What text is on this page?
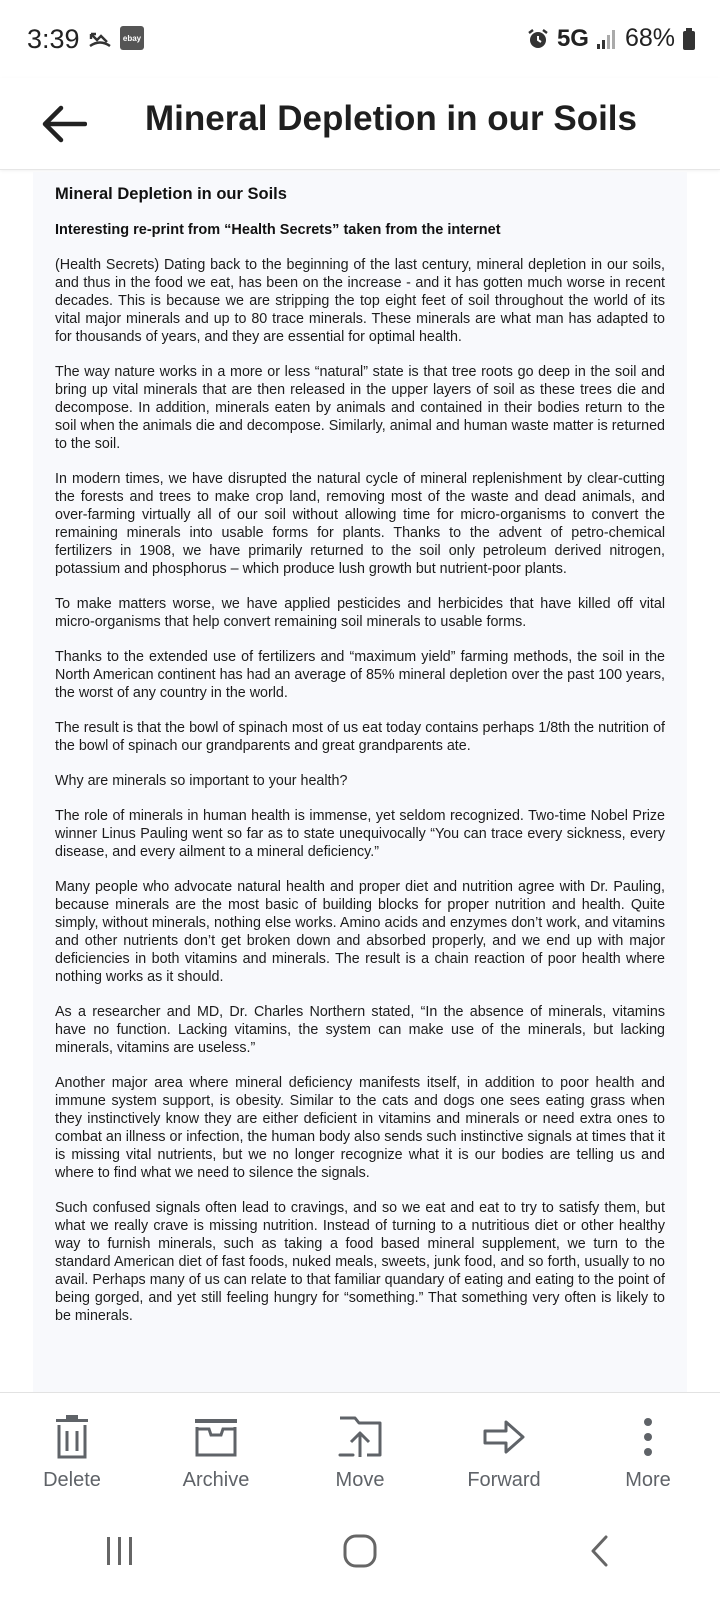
3:39	ebay	5G 68%
Mineral Depletion in our Soils
Mineral Depletion in our Soils
Interesting re-print from “Health Secrets” taken from the internet

(Health Secrets) Dating back to the beginning of the last century, mineral depletion in our soils, and thus in the food we eat, has been on the increase - and it has gotten much worse in recent decades. This is because we are stripping the top eight feet of soil throughout the world of its vital major minerals and up to 80 trace minerals. These minerals are what man has adapted to for thousands of years, and they are essential for optimal health.

The way nature works in a more or less “natural” state is that tree roots go deep in the soil and bring up vital minerals that are then released in the upper layers of soil as these trees die and decompose. In addition, minerals eaten by animals and contained in their bodies return to the soil when the animals die and decompose. Similarly, animal and human waste matter is returned to the soil.

In modern times, we have disrupted the natural cycle of mineral replenishment by clear-cutting the forests and trees to make crop land, removing most of the waste and dead animals, and over-farming virtually all of our soil without allowing time for micro-organisms to convert the remaining minerals into usable forms for plants. Thanks to the advent of petro-chemical fertilizers in 1908, we have primarily returned to the soil only petroleum derived nitrogen, potassium and phosphorus – which produce lush growth but nutrient-poor plants.

To make matters worse, we have applied pesticides and herbicides that have killed off vital micro-organisms that help convert remaining soil minerals to usable forms.

Thanks to the extended use of fertilizers and “maximum yield” farming methods, the soil in the North American continent has had an average of 85% mineral depletion over the past 100 years, the worst of any country in the world.

The result is that the bowl of spinach most of us eat today contains perhaps 1/8th the nutrition of the bowl of spinach our grandparents and great grandparents ate.

Why are minerals so important to your health?

The role of minerals in human health is immense, yet seldom recognized. Two-time Nobel Prize winner Linus Pauling went so far as to state unequivocally “You can trace every sickness, every disease, and every ailment to a mineral deficiency.”

Many people who advocate natural health and proper diet and nutrition agree with Dr. Pauling, because minerals are the most basic of building blocks for proper nutrition and health. Quite simply, without minerals, nothing else works. Amino acids and enzymes don’t work, and vitamins and other nutrients don’t get broken down and absorbed properly, and we end up with major deficiencies in both vitamins and minerals. The result is a chain reaction of poor health where nothing works as it should.

As a researcher and MD, Dr. Charles Northern stated, “In the absence of minerals, vitamins have no function. Lacking vitamins, the system can make use of the minerals, but lacking minerals, vitamins are useless.”

Another major area where mineral deficiency manifests itself, in addition to poor health and immune system support, is obesity. Similar to the cats and dogs one sees eating grass when they instinctively know they are either deficient in vitamins and minerals or need extra ones to combat an illness or infection, the human body also sends such instinctive signals at times that it is missing vital nutrients, but we no longer recognize what it is our bodies are telling us and where to find what we need to silence the signals.

Such confused signals often lead to cravings, and so we eat and eat to try to satisfy them, but what we really crave is missing nutrition. Instead of turning to a nutritious diet or other healthy way to furnish minerals, such as taking a food based mineral supplement, we turn to the standard American diet of fast foods, nuked meals, sweets, junk food, and so forth, usually to no avail. Perhaps many of us can relate to that familiar quandary of eating and eating to the point of being gorged, and yet still feeling hungry for “something.” That something very often is likely to be minerals.

Delete	Archive	Move	Forward	More
